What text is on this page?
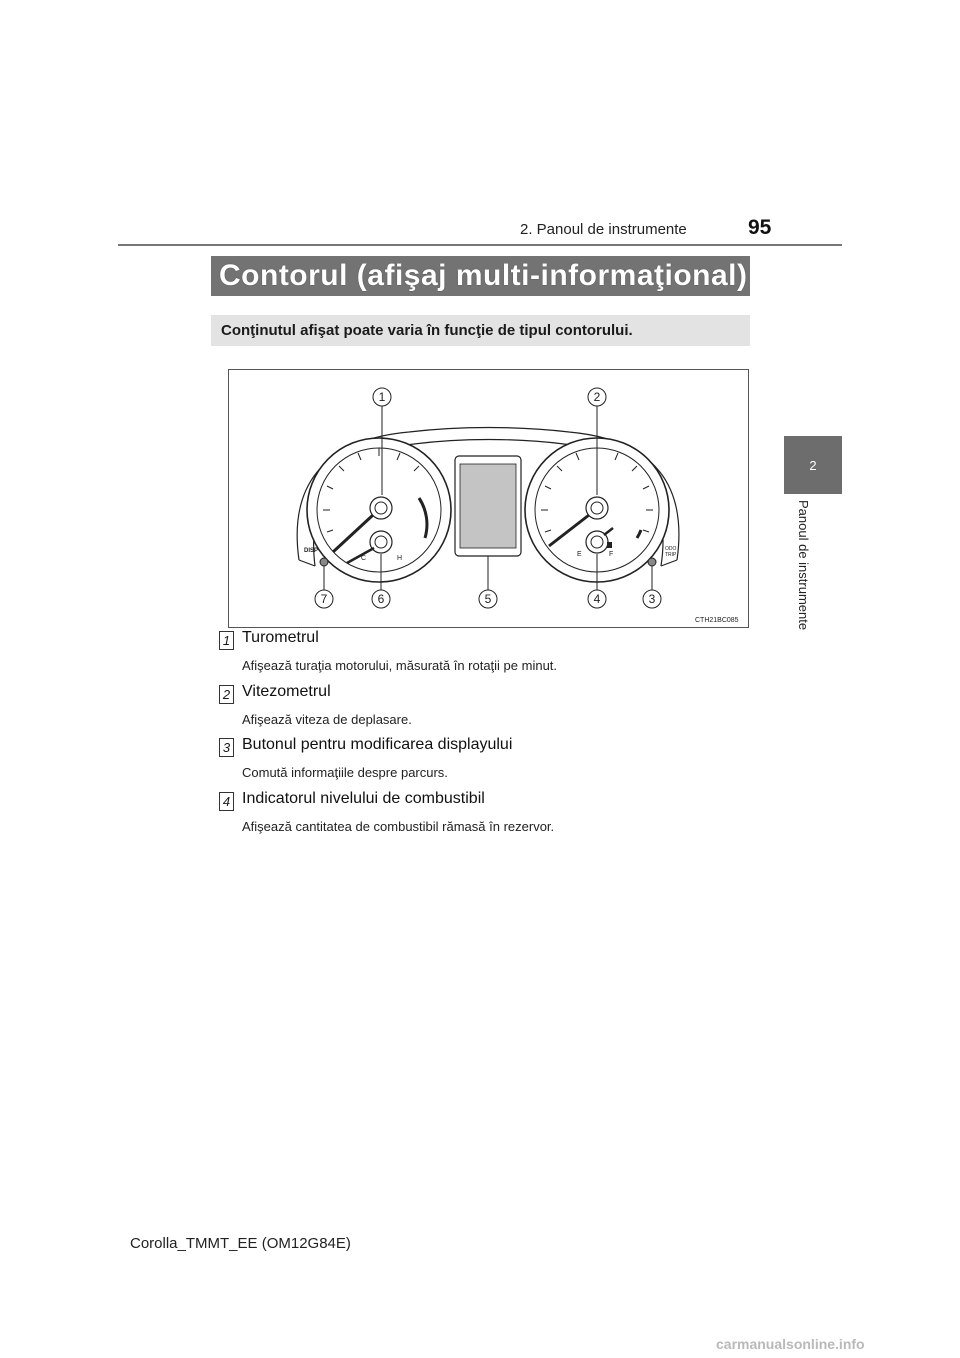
2. Panoul de instrumente	95
2
Panoul de instrumente
Contorul (afişaj multi-informaţional)
Conţinutul afişat poate varia în funcţie de tipul contorului.
C	H
E	F
DISP	ODO
TRIP
1	2
7	6	5	4	3
CTH21BC085
1 Turometrul
Afişează turaţia motorului, măsurată în rotaţii pe minut.
2 Vitezometrul
Afişează viteza de deplasare.
3 Butonul pentru modificarea displayului
Comută informaţiile despre parcurs.
4 Indicatorul nivelului de combustibil
Afişează cantitatea de combustibil rămasă în rezervor.
Corolla_TMMT_EE (OM12G84E)
carmanualsonline.info
